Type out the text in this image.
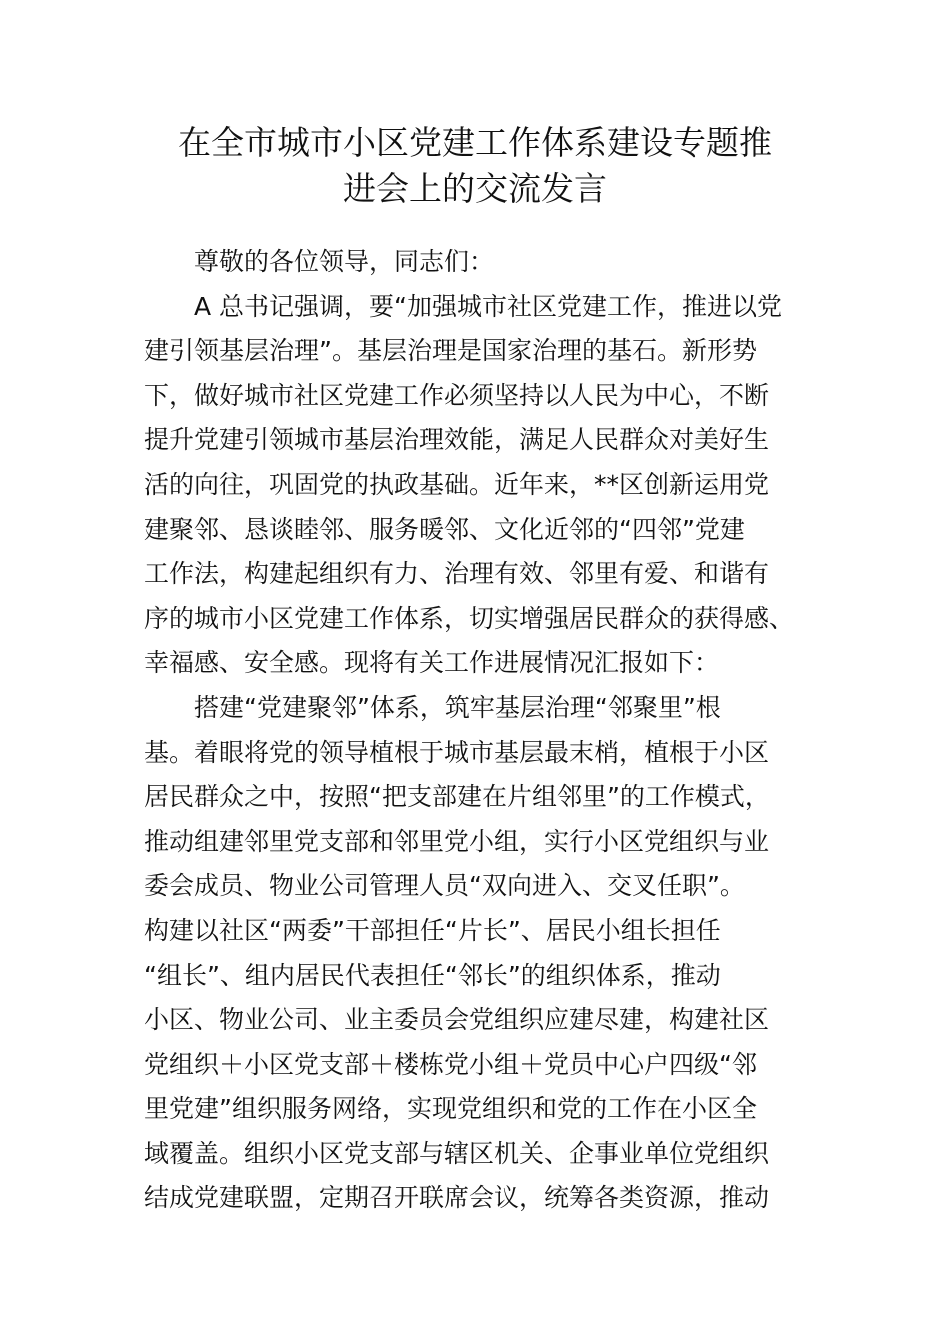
在全市城市小区党建工作体系建设专题推
进会上的交流发言
尊敬的各位领导，同志们：
A 总书记强调，要“加强城市社区党建工作，推进以党
建引领基层治理”。基层治理是国家治理的基石。新形势
下，做好城市社区党建工作必须坚持以人民为中心，不断
提升党建引领城市基层治理效能，满足人民群众对美好生
活的向往，巩固党的执政基础。近年来，**区创新运用党
建聚邻、恳谈睦邻、服务暖邻、文化近邻的“四邻”党建
工作法，构建起组织有力、治理有效、邻里有爱、和谐有
序的城市小区党建工作体系，切实增强居民群众的获得感、
幸福感、安全感。现将有关工作进展情况汇报如下：
搭建“党建聚邻”体系，筑牢基层治理“邻聚里”根
基。着眼将党的领导植根于城市基层最末梢，植根于小区
居民群众之中，按照“把支部建在片组邻里”的工作模式，
推动组建邻里党支部和邻里党小组，实行小区党组织与业
委会成员、物业公司管理人员“双向进入、交叉任职”。
构建以社区“两委”干部担任“片长”、居民小组长担任
“组长”、组内居民代表担任“邻长”的组织体系，推动
小区、物业公司、业主委员会党组织应建尽建，构建社区
党组织＋小区党支部＋楼栋党小组＋党员中心户四级“邻
里党建”组织服务网络，实现党组织和党的工作在小区全
域覆盖。组织小区党支部与辖区机关、企事业单位党组织
结成党建联盟，定期召开联席会议，统筹各类资源，推动
